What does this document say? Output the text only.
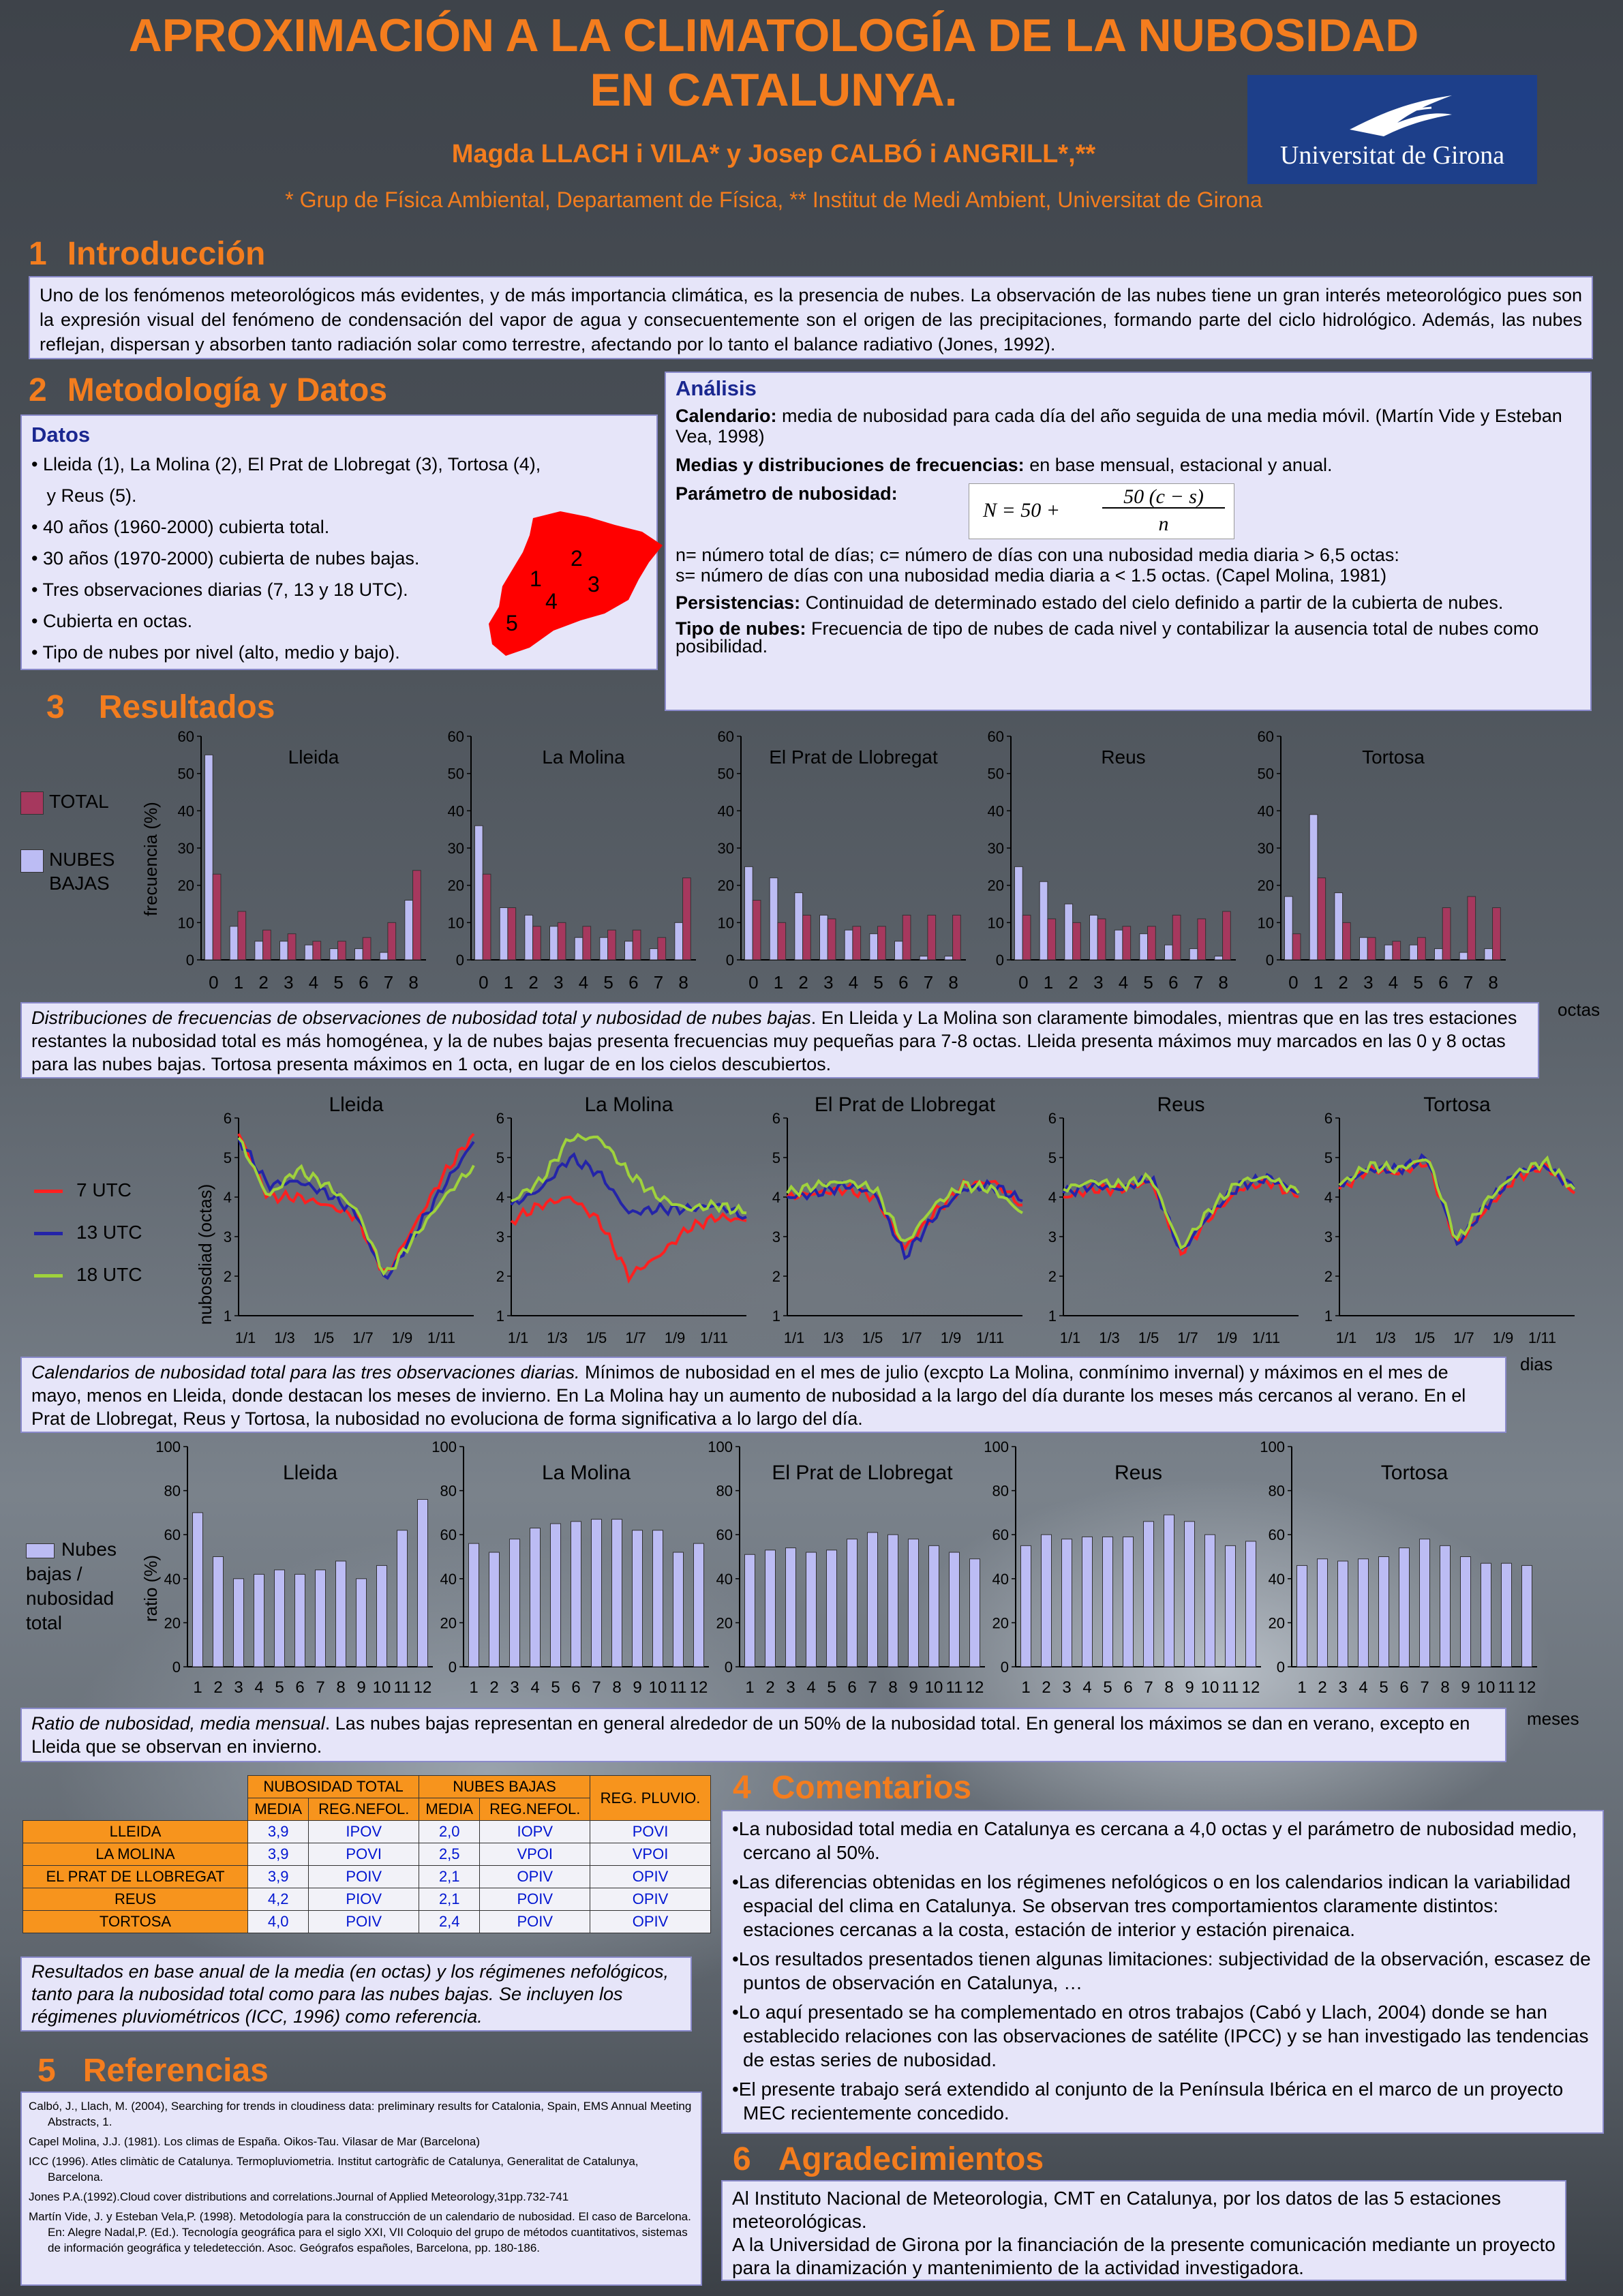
APROXIMACIÓN A LA CLIMATOLOGÍA DE LA NUBOSIDAD
EN CATALUNYA.
Magda LLACH i VILA* y Josep CALBÓ i ANGRILL*,**
* Grup de Física Ambiental, Departament de Física, ** Institut de Medi Ambient, Universitat de Girona
Universitat de Girona
1 Introducción
Uno de los fenómenos meteorológicos más evidentes, y de más importancia climática, es la presencia de nubes. La observación de las nubes tiene un gran interés meteorológico pues son la expresión visual del fenómeno de condensación del vapor de agua y consecuentemente son el origen de las precipitaciones, formando parte del ciclo hidrológico. Además, las nubes reflejan, dispersan y absorben tanto radiación solar como terrestre, afectando por lo tanto el balance radiativo (Jones, 1992).
2 Metodología y Datos
Datos
• Lleida (1), La Molina (2), El Prat de Llobregat (3), Tortosa (4),
y Reus (5).
• 40 años (1960-2000) cubierta total.
• 30 años (1970-2000) cubierta de nubes bajas.
• Tres observaciones diarias (7, 13 y 18 UTC).
• Cubierta en octas.
• Tipo de nubes por nivel (alto, medio y bajo).
2
1 3
4
5
Análisis
Calendario: media de nubosidad para cada día del año seguida de una media móvil. (Martín Vide y Esteban Vea, 1998)
Medias y distribuciones de frecuencias: en base mensual, estacional y anual.
Parámetro de nubosidad:
N = 50 +
50 (c − s)
n
n= número total de días; c= número de días con una nubosidad media diaria > 6,5 octas:
s= número de días con una nubosidad media diaria a < 1.5 octas. (Capel Molina, 1981)
Persistencias: Continuidad de determinado estado del cielo definido a partir de la cubierta de nubes.
Tipo de nubes: Frecuencia de tipo de nubes de cada nivel y contabilizar la ausencia total de nubes como posibilidad.
3 Resultados
TOTAL
NUBES
BAJAS frecuencia (%)
0
10
20
30
40
50
60
Lleida
0 1 2 3 4 5 6 7 8
0
10
20
30
40
50
60
La Molina
0 1 2 3 4 5 6 7 8
0
10
20
30
40
50
60
El Prat de Llobregat
0 1 2 3 4 5 6 7 8
0
10
20
30
40
50
60
Reus
0 1 2 3 4 5 6 7 8
0
10
20
30
40
50
60
Tortosa
0 1 2 3 4 5 6 7 8
octas
Distribuciones de frecuencias de observaciones de nubosidad total y nubosidad de nubes bajas. En Lleida y La Molina son claramente bimodales, mientras que en las tres estaciones restantes la nubosidad total es más homogénea, y la de nubes bajas presenta frecuencias muy pequeñas para 7-8 octas. Lleida presenta máximos muy marcados en las 0 y 8 octas para las nubes bajas. Tortosa presenta máximos en 1 octa, en lugar de en los cielos descubiertos.
7 UTC
13 UTC
18 UTC	nubosdiad (octas) 1
2
3
4
5
6
Lleida
1/1 1/3 1/5 1/7 1/9 1/11
1
2
3
4
5
6
La Molina
1/1 1/3 1/5 1/7 1/9 1/11
1
2
3
4
5
6
El Prat de Llobregat
1/1 1/3 1/5 1/7 1/9 1/11
1
2
3
4
5
6
Reus
1/1 1/3 1/5 1/7 1/9 1/11
1
2
3
4
5
6
Tortosa
1/1 1/3 1/5 1/7 1/9 1/11
dias
Calendarios de nubosidad total para las tres observaciones diarias. Mínimos de nubosidad en el mes de julio (excpto La Molina, conmínimo invernal) y máximos en el mes de mayo, menos en Lleida, donde destacan los meses de invierno. En La Molina hay un aumento de nubosidad a la largo del día durante los meses más cercanos al verano. En el Prat de Llobregat, Reus y Tortosa, la nubosidad no evoluciona de forma significativa a lo largo del día.
Nubes
bajas /
nubosidad
total
ratio (%)
0
20
40
60
80
100
Lleida
1 2 3 4 5 6 7 8 9 10 11 12
0
20
40
60
80
100
La Molina
1 2 3 4 5 6 7 8 9 10 11 12
0
20
40
60
80
100
El Prat de Llobregat
1 2 3 4 5 6 7 8 9 10 11 12
0
20
40
60
80
100
Reus
1 2 3 4 5 6 7 8 9 10 11 12
0
20
40
60
80
100
Tortosa
1 2 3 4 5 6 7 8 9 10 11 12
meses
Ratio de nubosidad, media mensual. Las nubes bajas representan en general alrededor de un 50% de la nubosidad total. En general los máximos se dan en verano, excepto en Lleida que se observan en invierno.
	NUBOSIDAD TOTAL		NUBES BAJAS		REG. PLUVIO.
	MEDIA	REG.NEFOL.	MEDIA	REG.NEFOL.	
LLEIDA	3,9	IPOV	2,0	IOPV	POVI
LA MOLINA	3,9	POVI	2,5	VPOI	VPOI
EL PRAT DE LLOBREGAT	3,9	POIV	2,1	OPIV	OPIV
REUS	4,2	PIOV	2,1	POIV	OPIV
TORTOSA	4,0	POIV	2,4	POIV	OPIV
Resultados en base anual de la media (en octas) y los régimenes nefológicos, tanto para la nubosidad total como para las nubes bajas. Se incluyen los régimenes pluviométricos (ICC, 1996) como referencia.
5 Referencias

Calbó, J., Llach, M. (2004), Searching for trends in cloudiness data: preliminary results for Catalonia, Spain, EMS Annual Meeting Abstracts, 1.

Capel Molina, J.J. (1981). Los climas de España. Oikos-Tau. Vilasar de Mar (Barcelona)

ICC (1996). Atles climàtic de Catalunya. Termopluviometria. Institut cartogràfic de Catalunya, Generalitat de Catalunya, Barcelona.

Jones P.A.(1992).Cloud cover distributions and correlations.Journal of Applied Meteorology,31pp.732-741

Martín Vide, J. y Esteban Vela,P. (1998). Metodología para la construcción de un calendario de nubosidad. El caso de Barcelona. En: Alegre Nadal,P. (Ed.). Tecnología geográfica para el siglo XXI, VII Coloquio del grupo de métodos cuantitativos, sistemas de información geográfica y teledetección. Asoc. Geógrafos españoles, Barcelona, pp. 180-186.

4 Comentarios

•La nubosidad total media en Catalunya es cercana a 4,0 octas y el parámetro de nubosidad medio, cercano al 50%.

•Las diferencias obtenidas en los régimenes nefológicos o en los calendarios indican la variabilidad espacial del clima en Catalunya. Se observan tres comportamientos claramente distintos: estaciones cercanas a la costa, estación de interior y estación pirenaica.

•Los resultados presentados tienen algunas limitaciones: subjectividad de la observación, escasez de puntos de observación en Catalunya, …

•Lo aquí presentado se ha complementado en otros trabajos (Cabó y Llach, 2004) donde se han establecido relaciones con las observaciones de satélite (IPCC) y se han investigado las tendencias de estas series de nubosidad.

•El presente trabajo será extendido al conjunto de la Península Ibérica en el marco de un proyecto MEC recientemente concedido.

6 Agradecimientos
Al Instituto Nacional de Meteorologia, CMT en Catalunya, por los datos de las 5 estaciones meteorológicas.
A la Universidad de Girona por la financiación de la presente comunicación mediante un proyecto para la dinamización y mantenimiento de la actividad investigadora.
